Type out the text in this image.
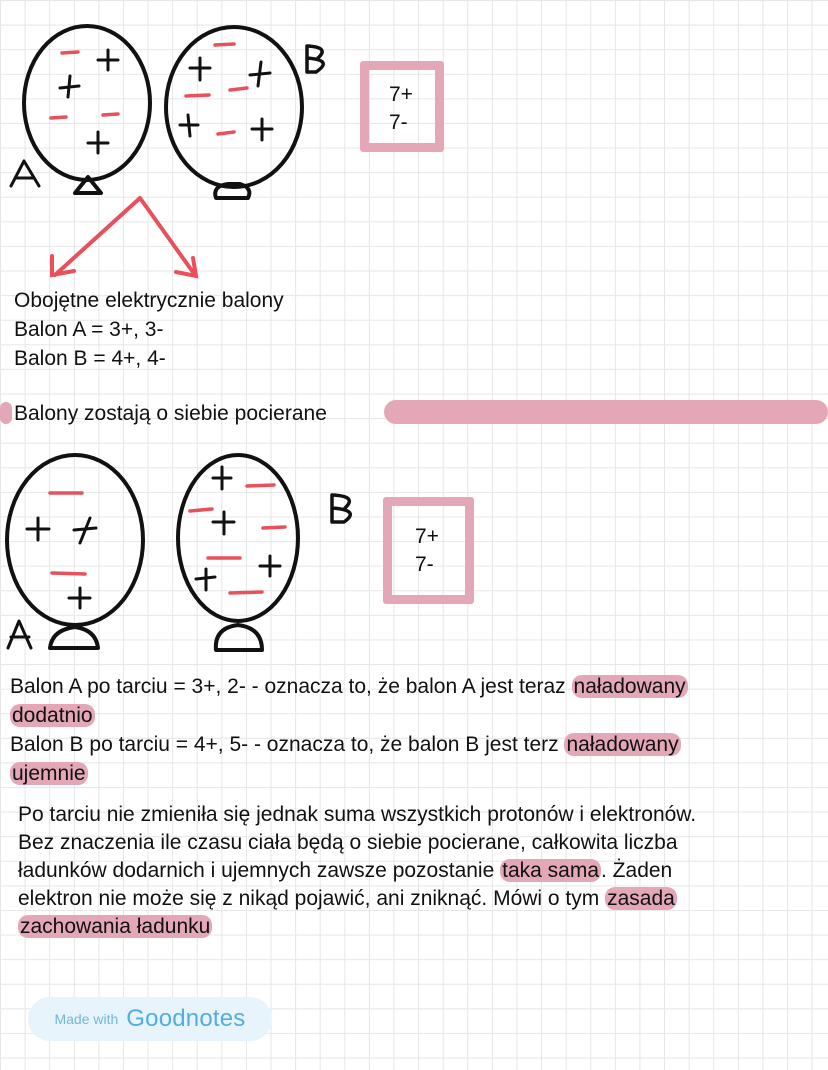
7+
7-

Obojętne elektrycznie balony

Balon A = 3+, 3-

Balon B = 4+, 4-

Balony zostają o siebie pocierane
7+
7-

Balon A po tarciu = 3+, 2- - oznacza to, że balon A jest teraz naładowany

dodatnio

Balon B po tarciu = 4+, 5- - oznacza to, że balon B jest terz naładowany

ujemnie

Po tarciu nie zmieniła się jednak suma wszystkich protonów i elektronów.

Bez znaczenia ile czasu ciała będą o siebie pocierane, całkowita liczba

ładunków dodarnich i ujemnych zawsze pozostanie taka sama. Żaden

elektron nie może się z nikąd pojawić, ani zniknąć. Mówi o tym zasada

zachowania ładunku

Made with Goodnotes
